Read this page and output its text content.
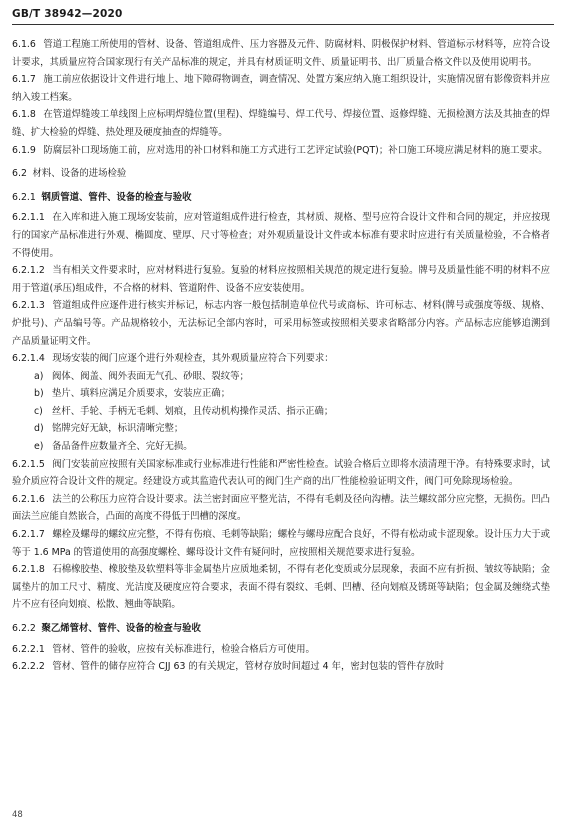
GB/T 38942—2020

6.1.6 管道工程施工所使用的管材、设备、管道组成件、压力容器及元件、防腐材料、阴极保护材料、管道标示材料等，应符合设计要求，其质量应符合国家现行有关产品标准的规定，并具有材质证明文件、质量证明书、出厂质量合格文件以及使用说明书。

6.1.7 施工前应依据设计文件进行地上、地下障碍物调查，调查情况、处置方案应纳入施工组织设计，实施情况留有影像资料并应纳入竣工档案。

6.1.8 在管道焊缝竣工单线图上应标明焊缝位置(里程)、焊缝编号、焊工代号、焊接位置、返修焊缝、无损检测方法及其抽查的焊缝、扩大检验的焊缝、热处理及硬度抽查的焊缝等。

6.1.9 防腐层补口现场施工前，应对选用的补口材料和施工方式进行工艺评定试验(PQT)；补口施工环境应满足材料的施工要求。

6.2 材料、设备的进场检验
6.2.1 钢质管道、管件、设备的检查与验收

6.2.1.1 在入库和进入施工现场安装前，应对管道组成件进行检查，其材质、规格、型号应符合设计文件和合同的规定，并应按现行的国家产品标准进行外观、椭圆度、壁厚、尺寸等检查；对外观质量设计文件或本标准有要求时应进行有关质量检验，不合格者不得使用。

6.2.1.2 当有相关文件要求时，应对材料进行复验。复验的材料应按照相关规范的规定进行复验。牌号及质量性能不明的材料不应用于管道(承压)组成件，不合格的材料、管道附件、设备不应安装使用。

6.2.1.3 管道组成件应逐件进行核实并标记，标志内容一般包括制造单位代号或商标、许可标志、材料(牌号或强度等级、规格、炉批号)、产品编号等。产品规格较小，无法标记全部内容时，可采用标签或按照相关要求省略部分内容。产品标志应能够追溯到产品质量证明文件。

6.2.1.4 现场安装的阀门应逐个进行外观检查，其外观质量应符合下列要求：

a) 阀体、阀盖、阀外表面无气孔、砂眼、裂纹等；

b) 垫片、填料应满足介质要求，安装应正确；

c) 丝杆、手轮、手柄无毛刺、划痕，且传动机构操作灵活、指示正确；

d) 铭牌完好无缺，标识清晰完整；

e) 备品备件应数量齐全、完好无损。

6.2.1.5 阀门安装前应按照有关国家标准或行业标准进行性能和严密性检查。试验合格后立即将水渍清理干净。有特殊要求时，试验介质应符合设计文件的规定。经建设方或其监造代表认可的阀门生产商的出厂性能检验证明文件，阀门可免除现场检验。

6.2.1.6 法兰的公称压力应符合设计要求。法兰密封面应平整光洁，不得有毛刺及径向沟槽。法兰螺纹部分应完整，无损伤。凹凸面法兰应能自然嵌合，凸面的高度不得低于凹槽的深度。

6.2.1.7 螺栓及螺母的螺纹应完整，不得有伤痕、毛刺等缺陷；螺栓与螺母应配合良好，不得有松动或卡涩现象。设计压力大于或等于 1.6 MPa 的管道使用的高强度螺栓、螺母设计文件有疑问时，应按照相关规范要求进行复验。

6.2.1.8 石棉橡胶垫、橡胶垫及软塑料等非金属垫片应质地柔韧，不得有老化变质或分层现象，表面不应有折损、皱纹等缺陷；金属垫片的加工尺寸、精度、光洁度及硬度应符合要求，表面不得有裂纹、毛刺、凹槽、径向划痕及锈斑等缺陷；包金属及缠绕式垫片不应有径向划痕、松散、翘曲等缺陷。

6.2.2 聚乙烯管材、管件、设备的检查与验收

6.2.2.1 管材、管件的验收，应按有关标准进行，检验合格后方可使用。

6.2.2.2 管材、管件的储存应符合 CJJ 63 的有关规定，管材存放时间超过 4 年，密封包装的管件存放时

48
